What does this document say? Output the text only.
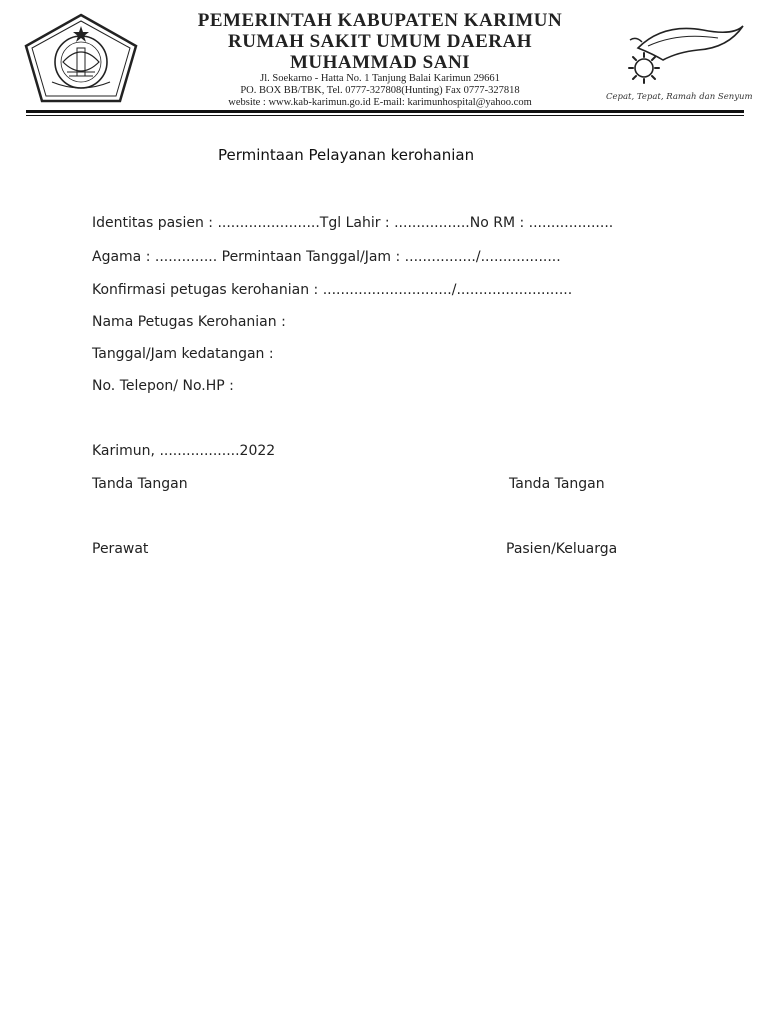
PEMERINTAH KABUPATEN KARIMUN
RUMAH SAKIT UMUM DAERAH
MUHAMMAD SANI
Jl. Soekarno - Hatta No. 1 Tanjung Balai Karimun 29661
PO. BOX BB/TBK, Tel. 0777-327808(Hunting) Fax 0777-327818
website : www.kab-karimun.go.id E-mail: karimunhospital@yahoo.com	Cepat, Tepat, Ramah dan Senyum
Permintaan Pelayanan kerohanian
Identitas pasien : .......................Tgl Lahir : .................No RM : ...................
Agama : .............. Permintaan Tanggal/Jam : ................/..................
Konfirmasi petugas kerohanian : ............................./..........................
Nama Petugas Kerohanian :
Tanggal/Jam kedatangan :
No. Telepon/ No.HP :
Karimun, ..................2022
Tanda Tangan	Tanda Tangan
Perawat	Pasien/Keluarga
